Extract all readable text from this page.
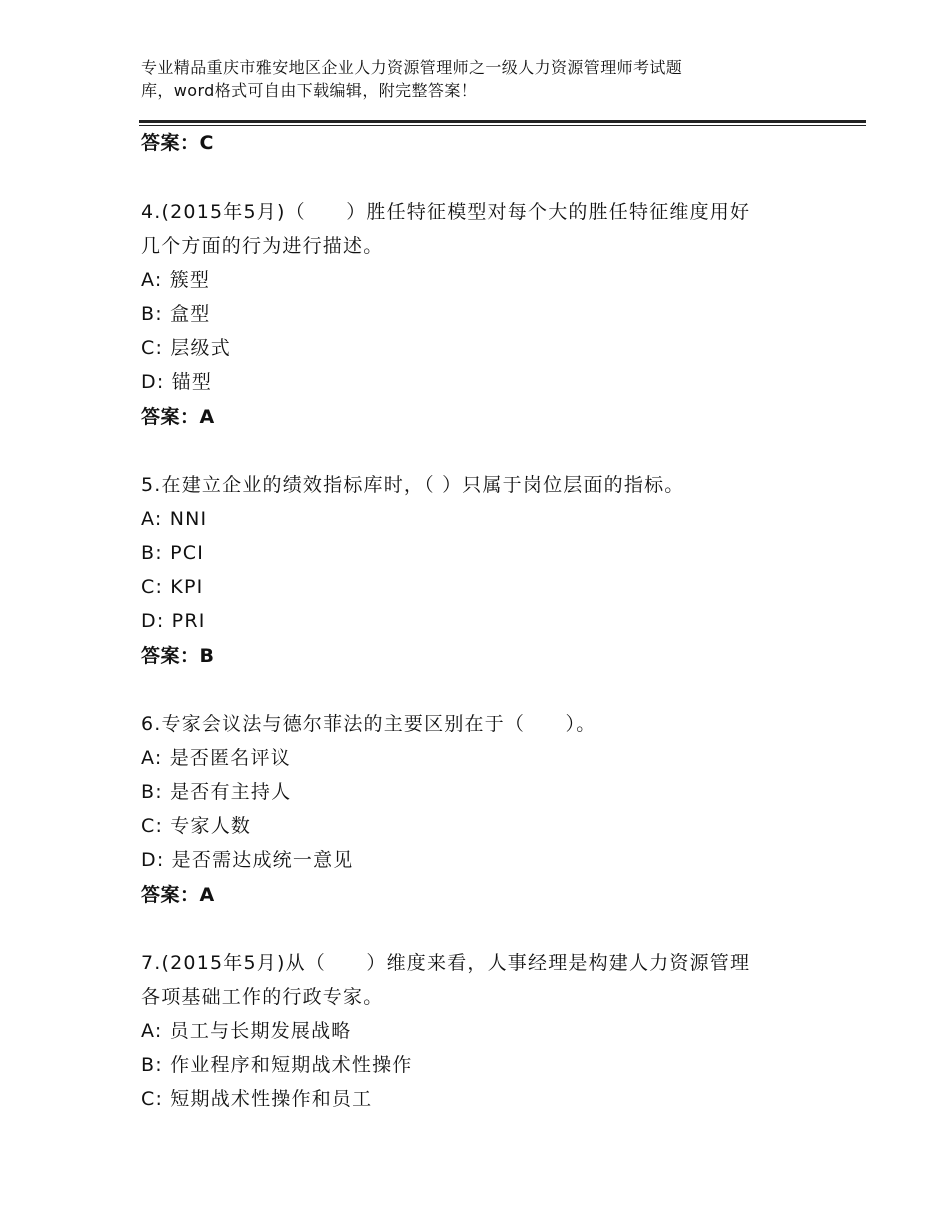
专业精品重庆市雅安地区企业人力资源管理师之一级人力资源管理师考试题
库，word格式可自由下载编辑，附完整答案！
答案：C
4.(2015年5月)（　　）胜任特征模型对每个大的胜任特征维度用好
几个方面的行为进行描述。
A: 簇型
B: 盒型
C: 层级式
D: 锚型
答案：A
5.在建立企业的绩效指标库时，（ ）只属于岗位层面的指标。
A: NNI
B: PCI
C: KPI
D: PRI
答案：B
6.专家会议法与德尔菲法的主要区别在于（　　）。
A: 是否匿名评议
B: 是否有主持人
C: 专家人数
D: 是否需达成统一意见
答案：A
7.(2015年5月)从（　　）维度来看，人事经理是构建人力资源管理
各项基础工作的行政专家。
A: 员工与长期发展战略
B: 作业程序和短期战术性操作
C: 短期战术性操作和员工
